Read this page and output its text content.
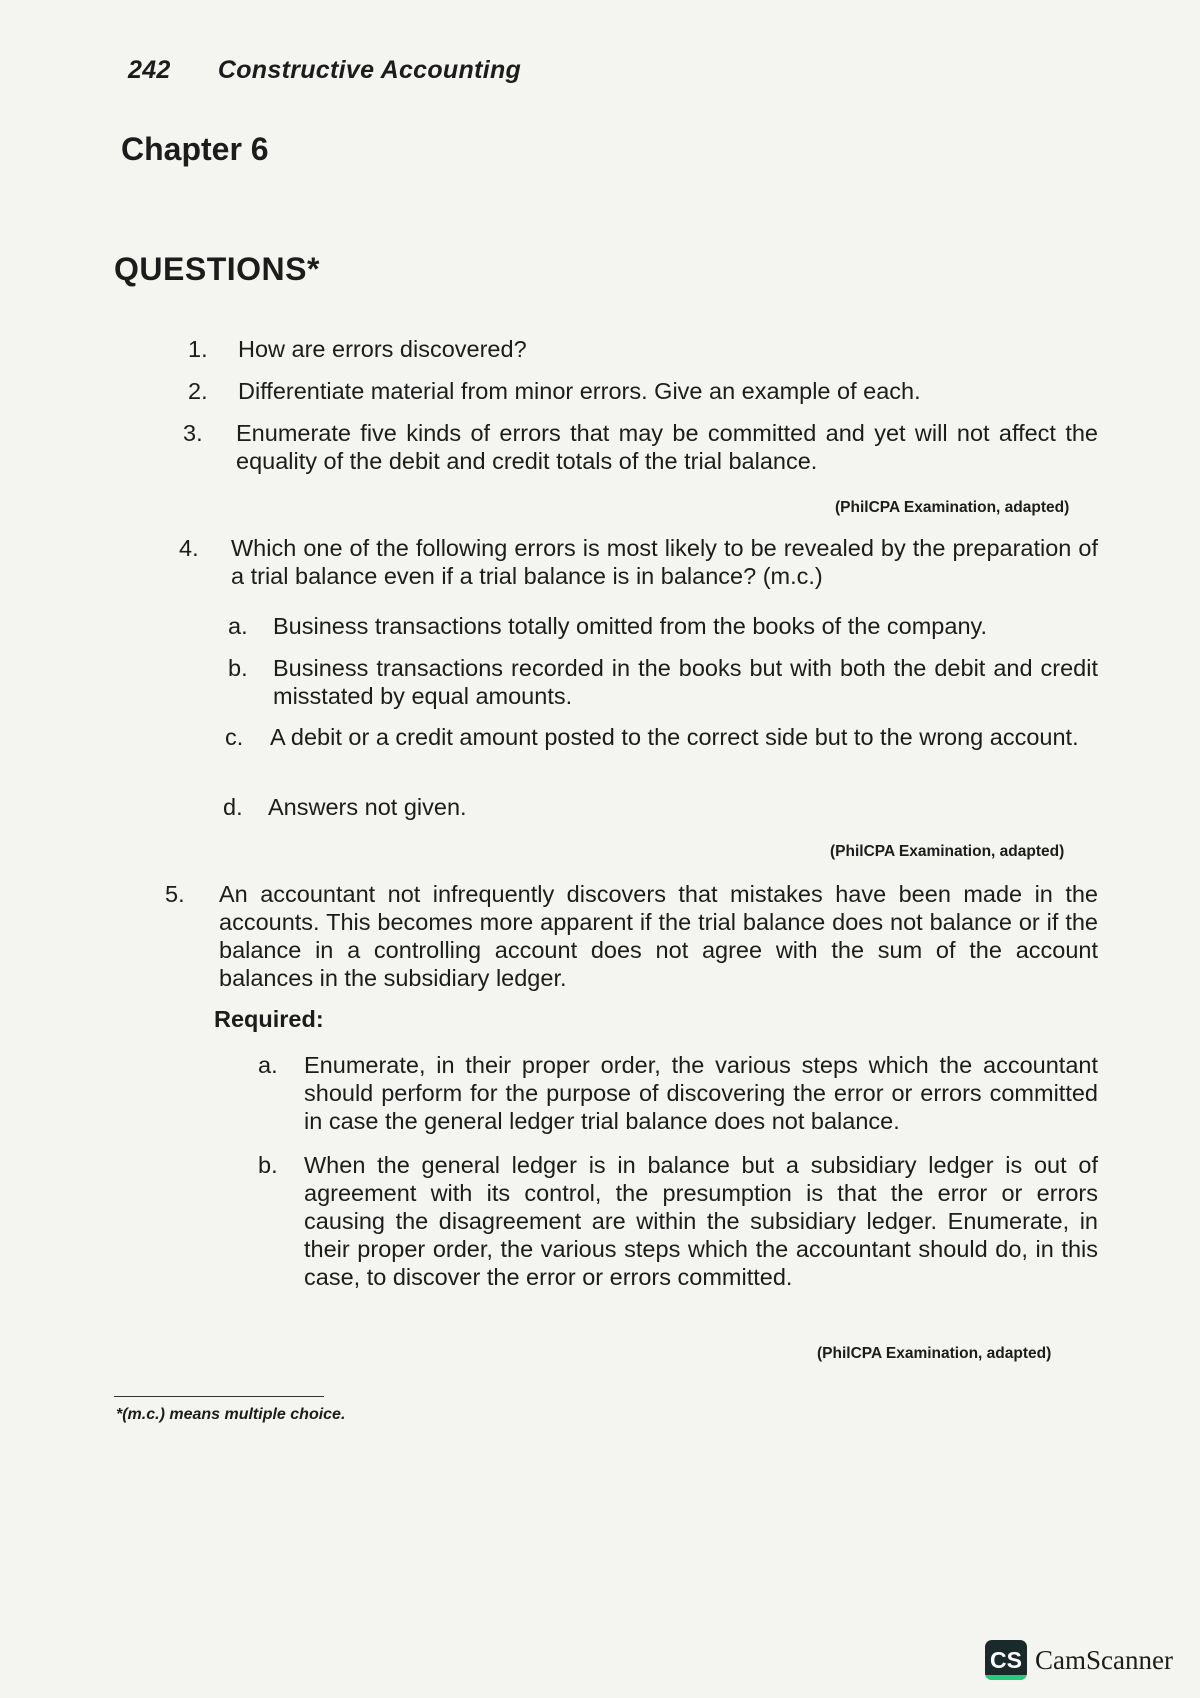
242 Constructive Accounting
Chapter 6
QUESTIONS*
1. How are errors discovered?

2. Differentiate material from minor errors. Give an example of each.

3. Enumerate five kinds of errors that may be committed and yet will not affect the equality of the debit and credit totals of the trial balance.

(PhilCPA Examination, adapted)
4. Which one of the following errors is most likely to be revealed by the preparation of a trial balance even if a trial balance is in balance? (m.c.)

a. Business transactions totally omitted from the books of the company.
b. Business transactions recorded in the books but with both the debit and credit misstated by equal amounts.
c. A debit or a credit amount posted to the correct side but to the wrong account.
d. Answers not given.
(PhilCPA Examination, adapted)
5. An accountant not infrequently discovers that mistakes have been made in the accounts. This becomes more apparent if the trial balance does not balance or if the balance in a controlling account does not agree with the sum of the account balances in the subsidiary ledger.

Required:
a. Enumerate, in their proper order, the various steps which the accountant should perform for the purpose of discovering the error or errors committed in case the general ledger trial balance does not balance.
b. When the general ledger is in balance but a subsidiary ledger is out of agreement with its control, the presumption is that the error or errors causing the disagreement are within the subsidiary ledger. Enumerate, in their proper order, the various steps which the accountant should do, in this case, to discover the error or errors committed.
(PhilCPA Examination, adapted)
*(m.c.) means multiple choice.
CS CamScanner
